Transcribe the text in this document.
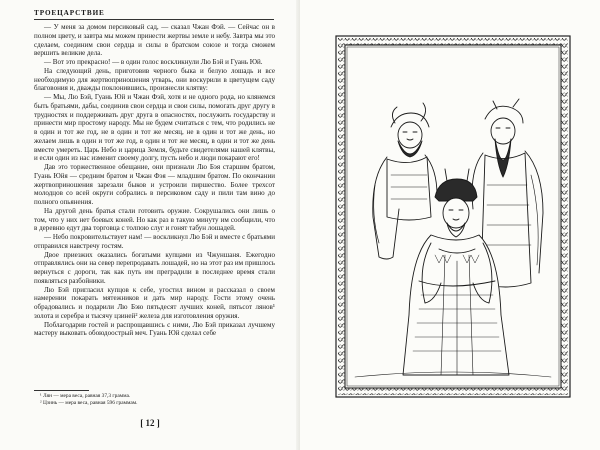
ТРОЕЦАРСТВИЕ

— У меня за домом персиковый сад, — сказал Чжан Фэй. — Сейчас он в полном цвету, и завтра мы можем принести жертвы земле и небу. Завтра мы это сделаем, соединим свои сердца и силы в братском союзе и тогда сможем вершить великие дела.

— Вот это прекрасно! — в один голос воскликнули Лю Бэй и Гуань Юй.

На следующий день, приготовив черного быка и белую лошадь и все необходимую для жертвоприношения утварь, они воскурили в цветущем саду благовония и, дважды поклонившись, произнесли клятву:

— Мы, Лю Бэй, Гуань Юй и Чжан Фэй, хотя и не одного рода, но клянемся быть братьями, дабы, соединив свои сердца и свои силы, помогать друг другу в трудностях и поддерживать друг друга в опасностях, послужить государству и принести мир простому народу. Мы не будем считаться с тем, что родились не в один и тот же год, не в один и тот же месяц, не в один и тот же день, но желаем лишь в один и тот же год, в один и тот же месяц, в один и тот же день вместе умереть. Царь Небо и царица Земля, будьте свидетелями нашей клятвы, и если один из нас изменит своему долгу, пусть небо и люди покарают его!

Дав это торжественное обещание, они признали Лю Бэя старшим братом, Гуань Юйя — средним братом и Чжан Фэя — младшим братом. По окончании жертвоприношения зарезали быков и устроили пиршество. Более трехсот молодцов со всей округи собрались в персиковом саду и пили там вино до полного опьянения.

На другой день братья стали готовить оружие. Сокрушались они лишь о том, что у них нет боевых коней. Но как раз в такую минуту им сообщили, что в деревню едут два торговца с толпою слуг и гонят табун лошадей.

— Небо покровительствует нам! — воскликнул Лю Бэй и вместе с братьями отправился навстречу гостям.

Двое приезжих оказались богатыми купцами из Чжуншаня. Ежегодно отправлялись они на север перепродавать лошадей, но на этот раз им пришлось вернуться с дороги, так как путь им преградили в последнее время стали появляться разбойники.

Лю Бэй пригласил купцов к себе, угостил вином и рассказал о своем намерении покарать мятежников и дать мир народу. Гости этому очень обрадовались и подарили Лю Бэю пятьдесят лучших коней, пятьсот лянов¹ золота и серебра и тысячу цзиней² железа для изготовления оружия.

Поблагодарив гостей и распрощавшись с ними, Лю Бэй приказал лучшему мастеру выковать обоюдоострый меч. Гуань Юй сделал себе

¹ Лян — мера веса, равная 37,3 грамма.
² Цзинь — мера веса, равная 596 граммам.
[ 12 ]
